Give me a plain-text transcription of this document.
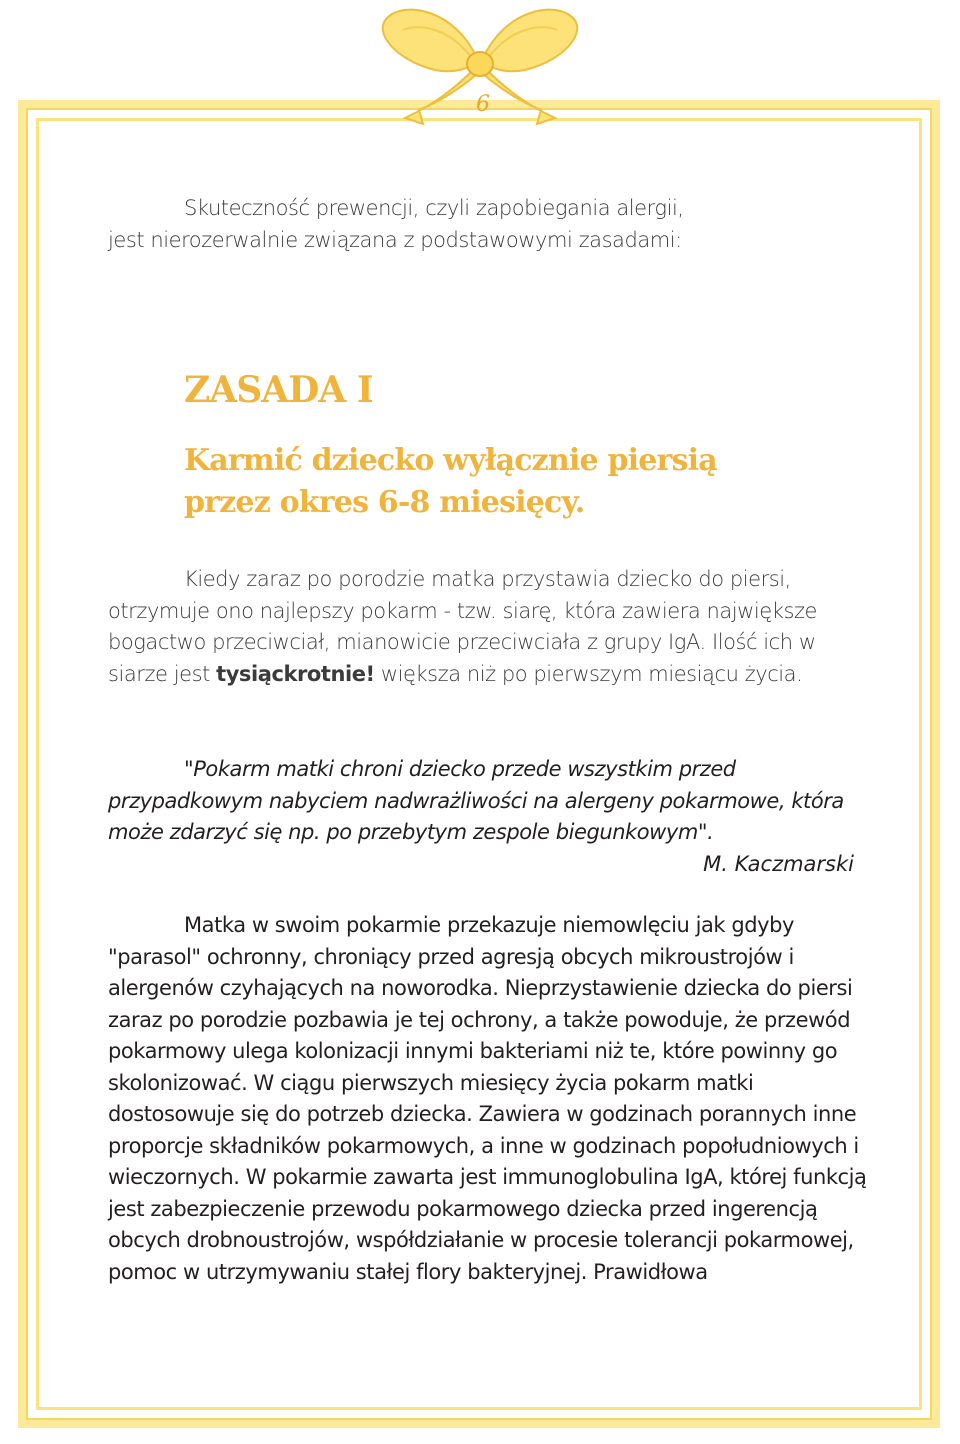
6

Skuteczność prewencji, czyli zapobiegania alergii,
jest nierozerwalnie związana z podstawowymi zasadami:

ZASADA I
Karmić dziecko wyłącznie piersią
przez okres 6-8 miesięcy.

Kiedy zaraz po porodzie matka przystawia dziecko do piersi, otrzymuje ono najlepszy pokarm - tzw. siarę, która zawiera największe bogactwo przeciwciał, mianowicie przeciwciała z grupy IgA. Ilość ich w siarze jest tysiąckrotnie! większa niż po pierwszym miesiącu życia.

"Pokarm matki chroni dziecko przede wszystkim przed przypadkowym nabyciem nadwrażliwości na alergeny pokarmowe, która może zdarzyć się np. po przebytym zespole biegunkowym".

M. Kaczmarski

Matka w swoim pokarmie przekazuje niemowlęciu jak gdyby "parasol" ochronny, chroniący przed agresją obcych mikroustrojów i alergenów czyhających na noworodka. Nieprzystawienie dziecka do piersi zaraz po porodzie pozbawia je tej ochrony, a także powoduje, że przewód pokarmowy ulega kolonizacji innymi bakteriami niż te, które powinny go skolonizować. W ciągu pierwszych miesięcy życia pokarm matki dostosowuje się do potrzeb dziecka. Zawiera w godzinach porannych inne proporcje składników pokarmowych, a inne w godzinach popołudniowych i wieczornych. W pokarmie zawarta jest immunoglobulina IgA, której funkcją jest zabezpieczenie przewodu pokarmowego dziecka przed ingerencją obcych drobnoustrojów, współdziałanie w procesie tolerancji pokarmowej, pomoc w utrzymywaniu stałej flory bakteryjnej. Prawidłowa
